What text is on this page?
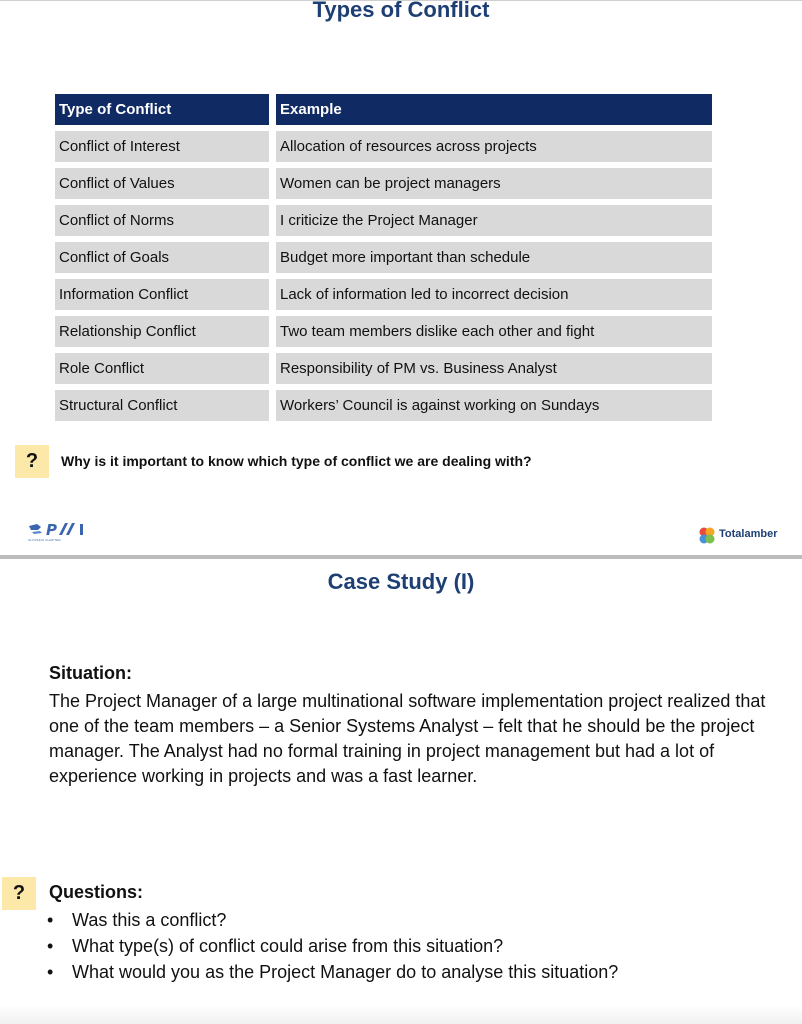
Types of Conflict
Type of Conflict	Example
Conflict of Interest	Allocation of resources across projects
Conflict of Values	Women can be project managers
Conflict of Norms	I criticize the Project Manager
Conflict of Goals	Budget more important than schedule
Information Conflict	Lack of information led to incorrect decision
Relationship Conflict	Two team members dislike each other and fight
Role Conflict	Responsibility of PM vs. Business Analyst
Structural Conflict	Workers’ Council is against working on Sundays
?	Why is it important to know which type of conflict we are dealing with?
P
SLOVAKIA CHAPTER	Totalamber
Case Study (I)
Situation:
The Project Manager of a large multinational software implementation project realized that one of the team members – a Senior Systems Analyst – felt that he should be the project manager. The Analyst had no formal training in project management but had a lot of experience working in projects and was a fast learner.
?	Questions:
• Was this a conflict?
• What type(s) of conflict could arise from this situation?
• What would you as the Project Manager do to analyse this situation?
